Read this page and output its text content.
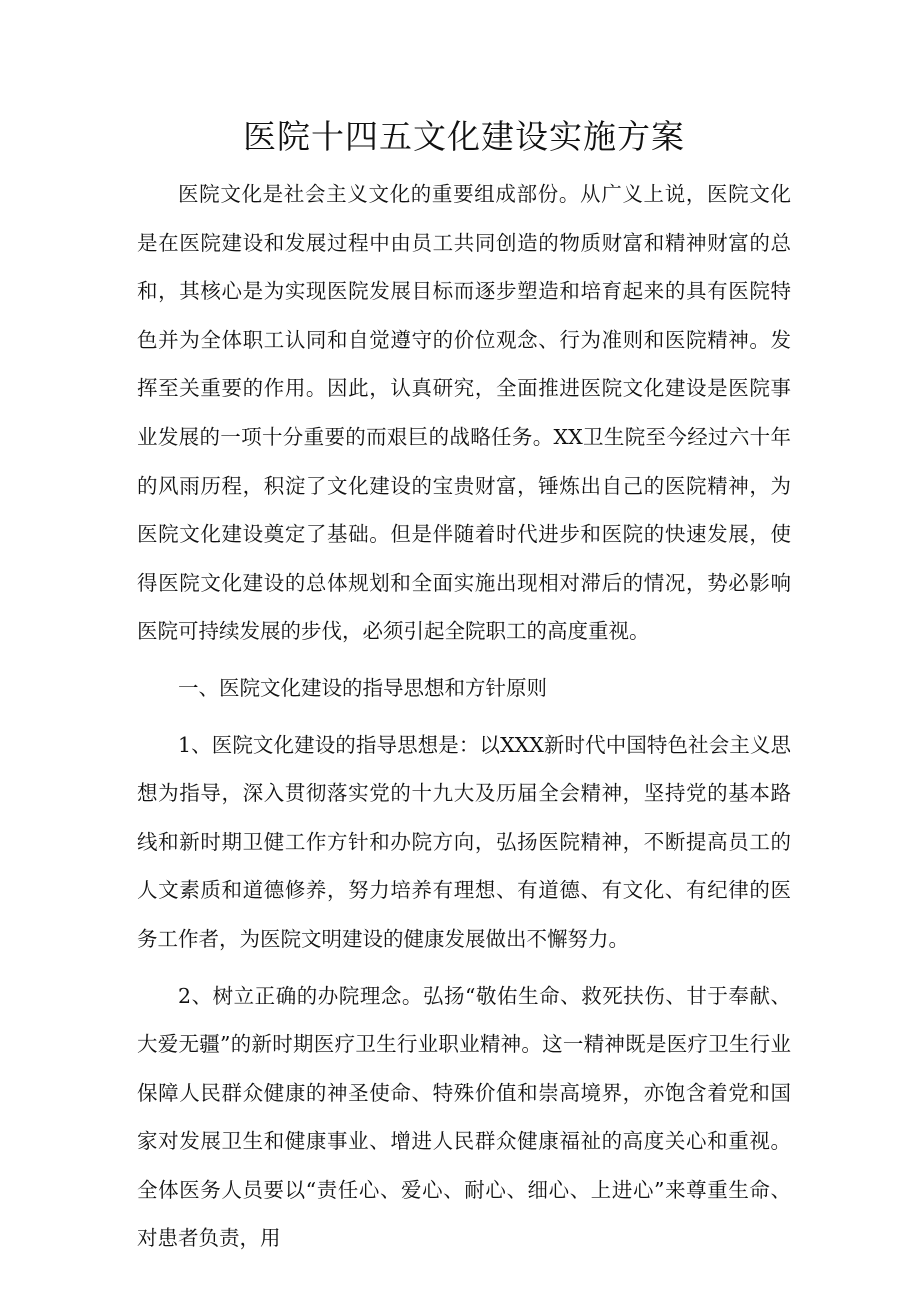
医院十四五文化建设实施方案

医院文化是社会主义文化的重要组成部份。从广义上说，医院文化是在医院建设和发展过程中由员工共同创造的物质财富和精神财富的总和，其核心是为实现医院发展目标而逐步塑造和培育起来的具有医院特色并为全体职工认同和自觉遵守的价位观念、行为准则和医院精神。发挥至关重要的作用。因此，认真研究，全面推进医院文化建设是医院事业发展的一项十分重要的而艰巨的战略任务。XX卫生院至今经过六十年的风雨历程，积淀了文化建设的宝贵财富，锤炼出自己的医院精神，为医院文化建设奠定了基础。但是伴随着时代进步和医院的快速发展，使得医院文化建设的总体规划和全面实施出现相对滞后的情况，势必影响医院可持续发展的步伐，必须引起全院职工的高度重视。

一、医院文化建设的指导思想和方针原则

1、医院文化建设的指导思想是：以XXX新时代中国特色社会主义思想为指导，深入贯彻落实党的十九大及历届全会精神，坚持党的基本路线和新时期卫健工作方针和办院方向，弘扬医院精神，不断提高员工的人文素质和道德修养，努力培养有理想、有道德、有文化、有纪律的医务工作者，为医院文明建设的健康发展做出不懈努力。

2、树立正确的办院理念。弘扬“敬佑生命、救死扶伤、甘于奉献、大爱无疆”的新时期医疗卫生行业职业精神。这一精神既是医疗卫生行业保障人民群众健康的神圣使命、特殊价值和崇高境界，亦饱含着党和国家对发展卫生和健康事业、增进人民群众健康福祉的高度关心和重视。全体医务人员要以“责任心、爱心、耐心、细心、上进心”来尊重生命、对患者负责，用
